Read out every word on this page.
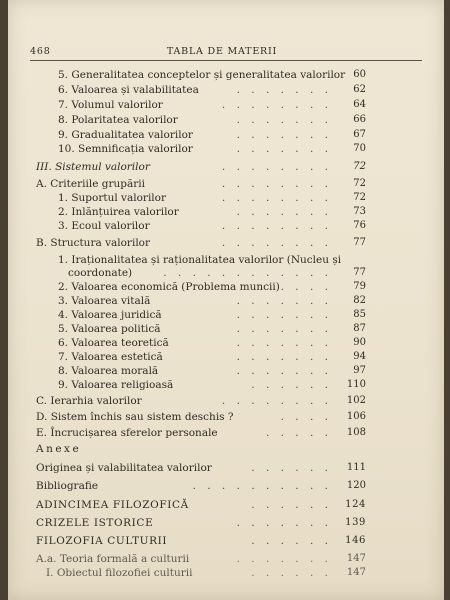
468	TABLA DE MATERII
5. Generalitatea conceptelor și generalitatea valorilor 60
6. Valoarea și valabilitatea	. . . . . . . 62
7. Volumul valorilor	. . . . . . . . 64
8. Polaritatea valorilor	. . . . . . . 66
9. Gradualitatea valorilor	. . . . . . . 67
10. Semnificația valorilor	. . . . . . . 70
III. Sistemul valorilor	. . . . . . . . 72
A. Criteriile grupării	. . . . . . . . 72
1. Suportul valorilor	. . . . . . . . 72
2. Inlănțuirea valorilor	. . . . . . . 73
3. Ecoul valorilor	. . . . . . . . 76
B. Structura valorilor	. . . . . . . . 77
1. Iraționalitatea și raționalitatea valorilor (Nucleu și
coordonate)	. . . . . . . . . . . . 77
2. Valoarea economică (Problema muncii) . . . . 79
3. Valoarea vitală	. . . . . . . 82
4. Valoarea juridică	. . . . . . . 85
5. Valoarea politică	. . . . . . . 87
6. Valoarea teoretică	. . . . . . . 90
7. Valoarea estetică	. . . . . . . 94
8. Valoarea morală	. . . . . . . 97
9. Valoarea religioasă	. . . . . . 110
C. Ierarhia valorilor	. . . . . . . . 102
D. Sistem închis sau sistem deschis ?	. . . . 106
E. Încrucișarea sferelor personale	. . . . . 108
Anexe
Originea și valabilitatea valorilor	. . . . . . 111
Bibliografie	. . . . . . . . . . 120
ADINCIMEA FILOZOFICĂ	. . . . . . 124
CRIZELE ISTORICE	. . . . . . . 139
FILOZOFIA CULTURII	. . . . . . 146
A.a. Teoria formală a culturii	. . . . . . . 147
I. Obiectul filozofiei culturii	. . . . . . 147
